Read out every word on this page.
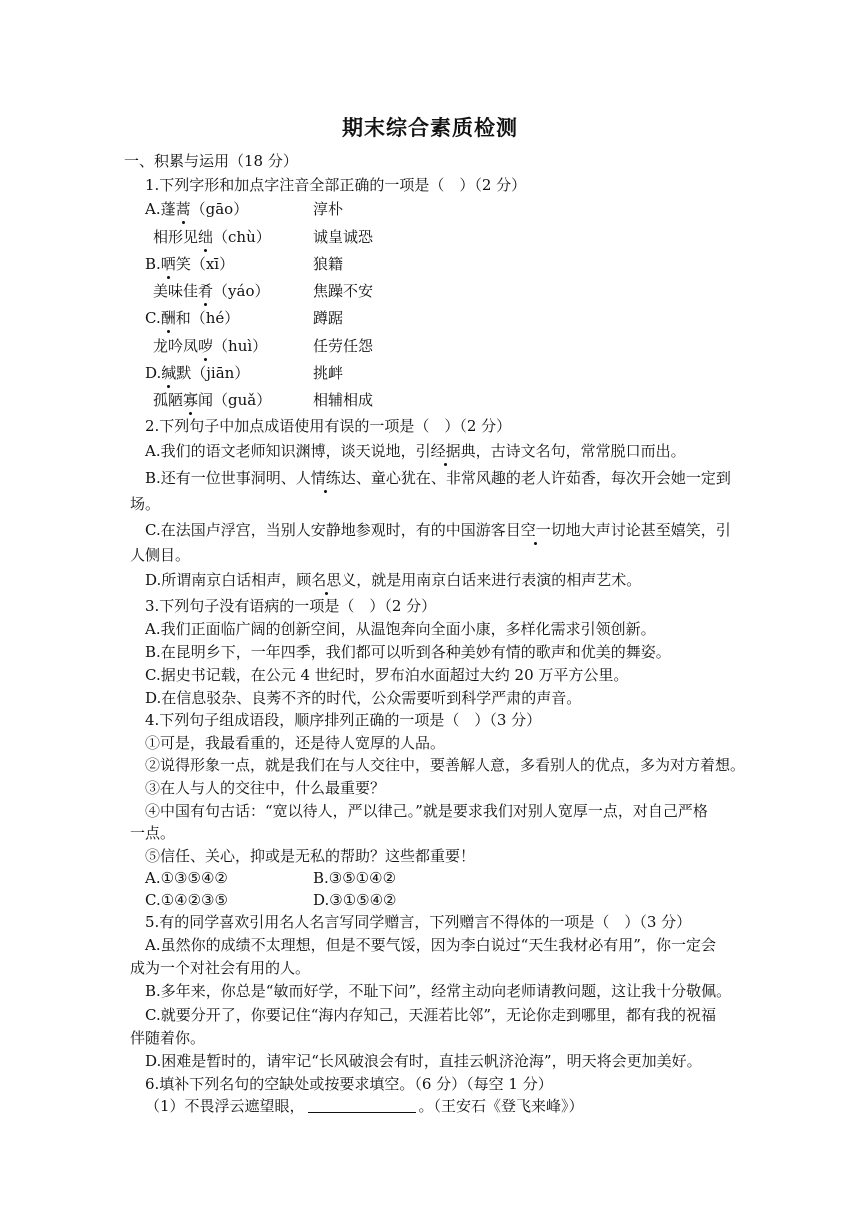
期末综合素质检测
一、积累与运用（18 分）
1.下列字形和加点字注音全部正确的一项是（　）（2 分）
A.蓬蒿（gāo）	淳朴
相形见绌（chù）	诚皇诚恐
B.哂笑（xī）	狼籍
美味佳肴（yáo）	焦躁不安
C.酬和（hé）	蹲踞
龙吟凤哕（huì）	任劳任怨
D.缄默（jiān）	挑衅
孤陋寡闻（guǎ）	相辅相成
2.下列句子中加点成语使用有误的一项是（　）（2 分）
A.我们的语文老师知识渊博，谈天说地，引经据典，古诗文名句，常常脱口而出。
B.还有一位世事洞明、人情练达、童心犹在、非常风趣的老人许茹香，每次开会她一定到
场。
C.在法国卢浮宫，当别人安静地参观时，有的中国游客目空一切地大声讨论甚至嬉笑，引
人侧目。
D.所谓南京白话相声，顾名思义，就是用南京白话来进行表演的相声艺术。
3.下列句子没有语病的一项是（　）（2 分）
A.我们正面临广阔的创新空间，从温饱奔向全面小康，多样化需求引领创新。
B.在昆明乡下，一年四季，我们都可以听到各种美妙有情的歌声和优美的舞姿。
C.据史书记载，在公元 4 世纪时，罗布泊水面超过大约 20 万平方公里。
D.在信息驳杂、良莠不齐的时代，公众需要听到科学严肃的声音。
4.下列句子组成语段，顺序排列正确的一项是（　）（3 分）
①可是，我最看重的，还是待人宽厚的人品。
②说得形象一点，就是我们在与人交往中，要善解人意，多看别人的优点，多为对方着想。
③在人与人的交往中，什么最重要？
④中国有句古话：“宽以待人，严以律己。”就是要求我们对别人宽厚一点，对自己严格
一点。
⑤信任、关心，抑或是无私的帮助？这些都重要！
A.①③⑤④②	B.③⑤①④②
C.①④②③⑤	D.③①⑤④②
5.有的同学喜欢引用名人名言写同学赠言，下列赠言不得体的一项是（　）（3 分）
A.虽然你的成绩不太理想，但是不要气馁，因为李白说过“天生我材必有用”，你一定会
成为一个对社会有用的人。
B.多年来，你总是“敏而好学，不耻下问”，经常主动向老师请教问题，这让我十分敬佩。
C.就要分开了，你要记住“海内存知己，天涯若比邻”，无论你走到哪里，都有我的祝福
伴随着你。
D.困难是暂时的，请牢记“长风破浪会有时，直挂云帆济沧海”，明天将会更加美好。
6.填补下列名句的空缺处或按要求填空。（6 分）（每空 1 分）
（1）不畏浮云遮望眼，	。（王安石《登飞来峰》）
